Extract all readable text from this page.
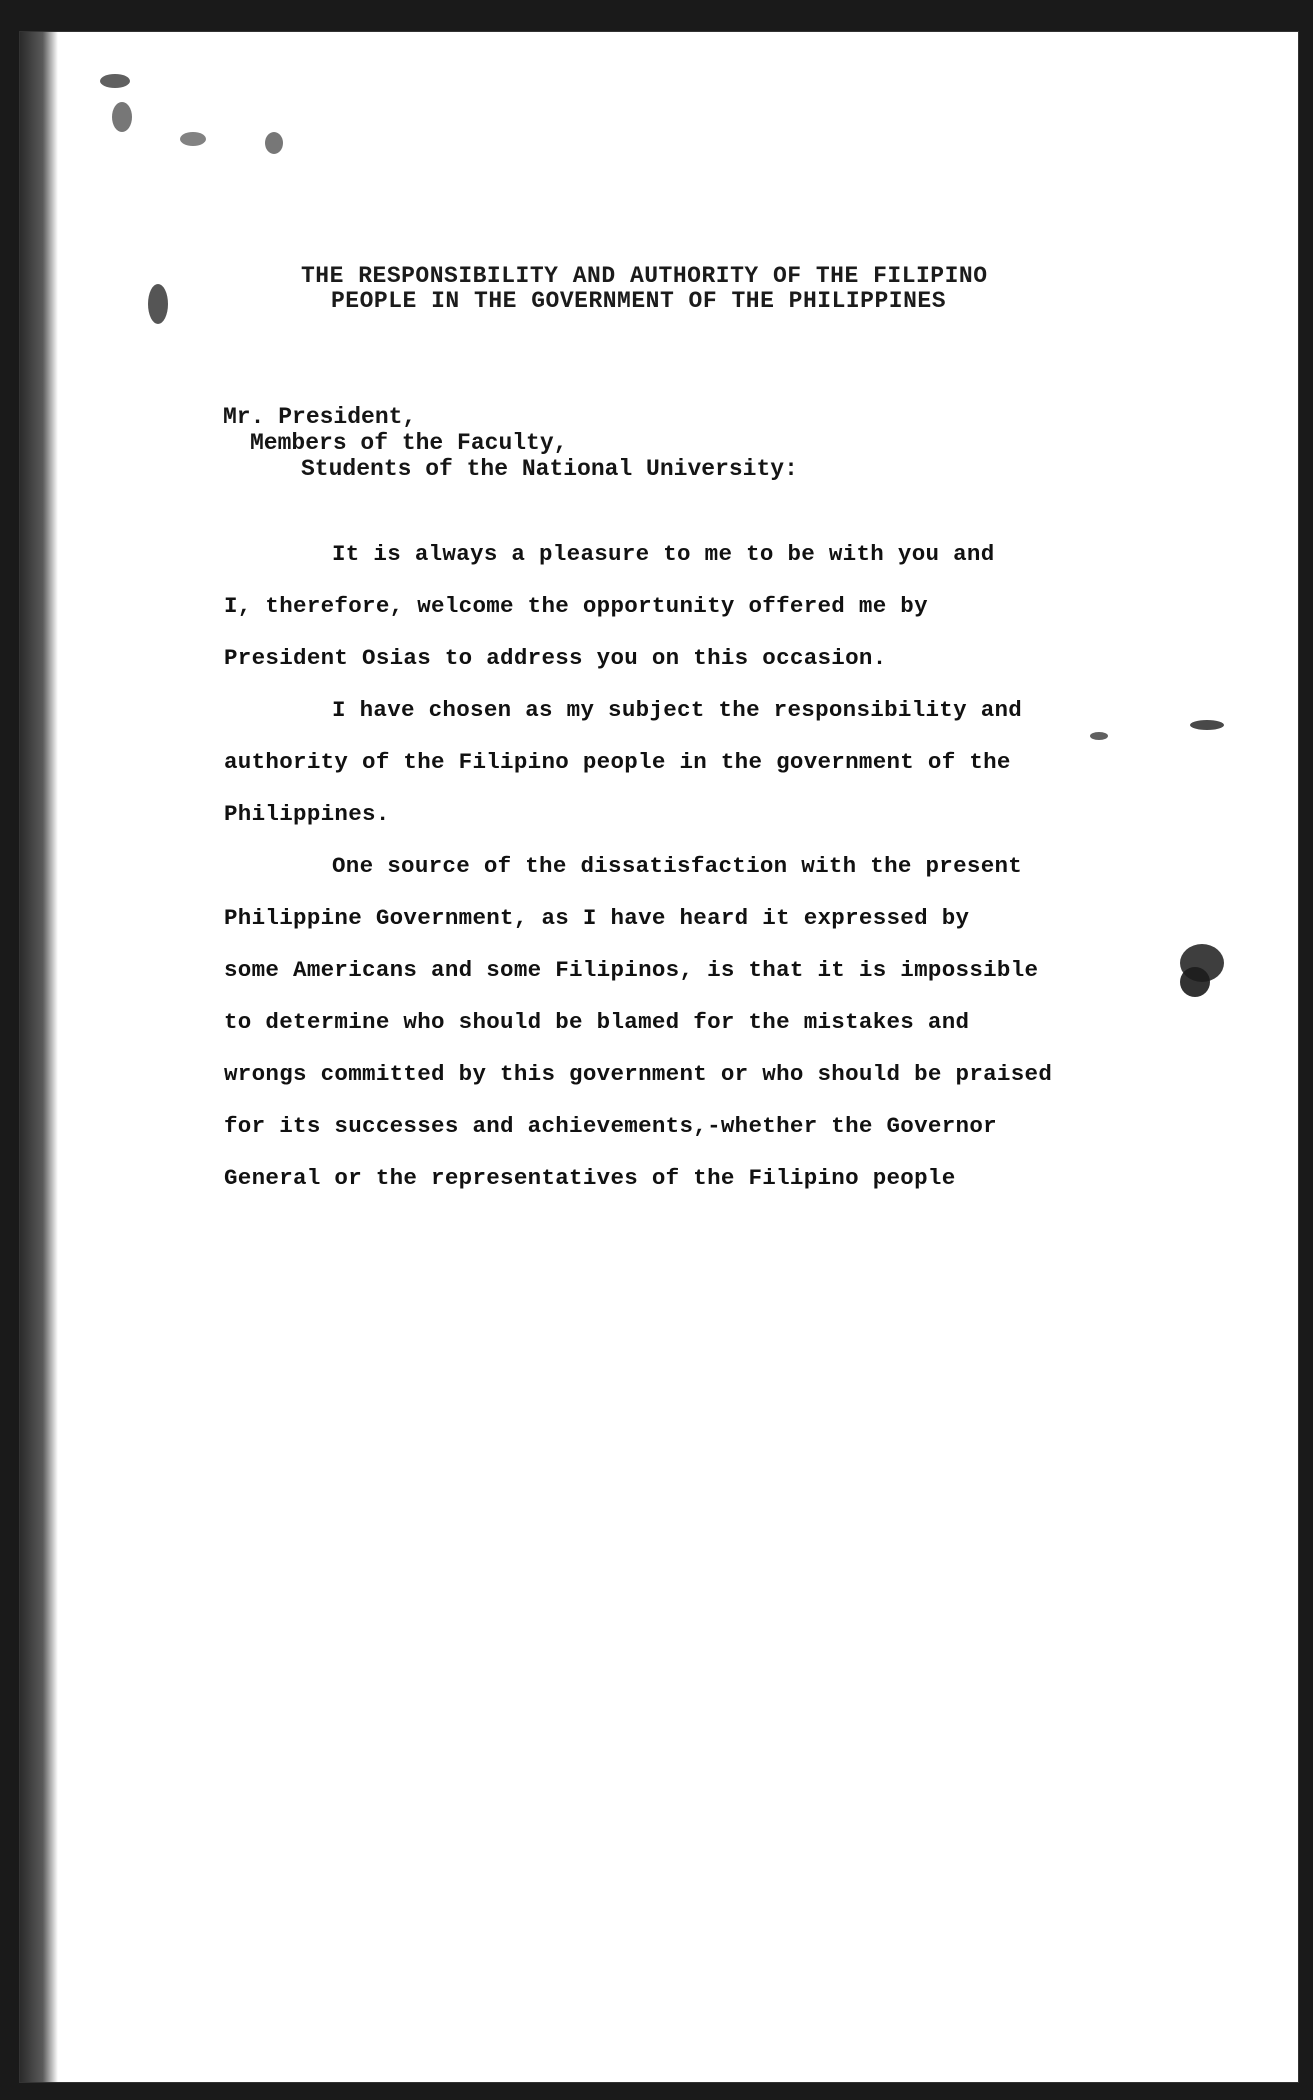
THE RESPONSIBILITY AND AUTHORITY OF THE FILIPINO
PEOPLE IN THE GOVERNMENT OF THE PHILIPPINES
Mr. President,
Members of the Faculty,
Students of the National University:
It is always a pleasure to me to be with you and
I, therefore, welcome the opportunity offered me by
President Osias to address you on this occasion.
I have chosen as my subject the responsibility and
authority of the Filipino people in the government of the
Philippines.
One source of the dissatisfaction with the present
Philippine Government, as I have heard it expressed by
some Americans and some Filipinos, is that it is impossible
to determine who should be blamed for the mistakes and
wrongs committed by this government or who should be praised
for its successes and achievements,-whether the Governor
General or the representatives of the Filipino people
